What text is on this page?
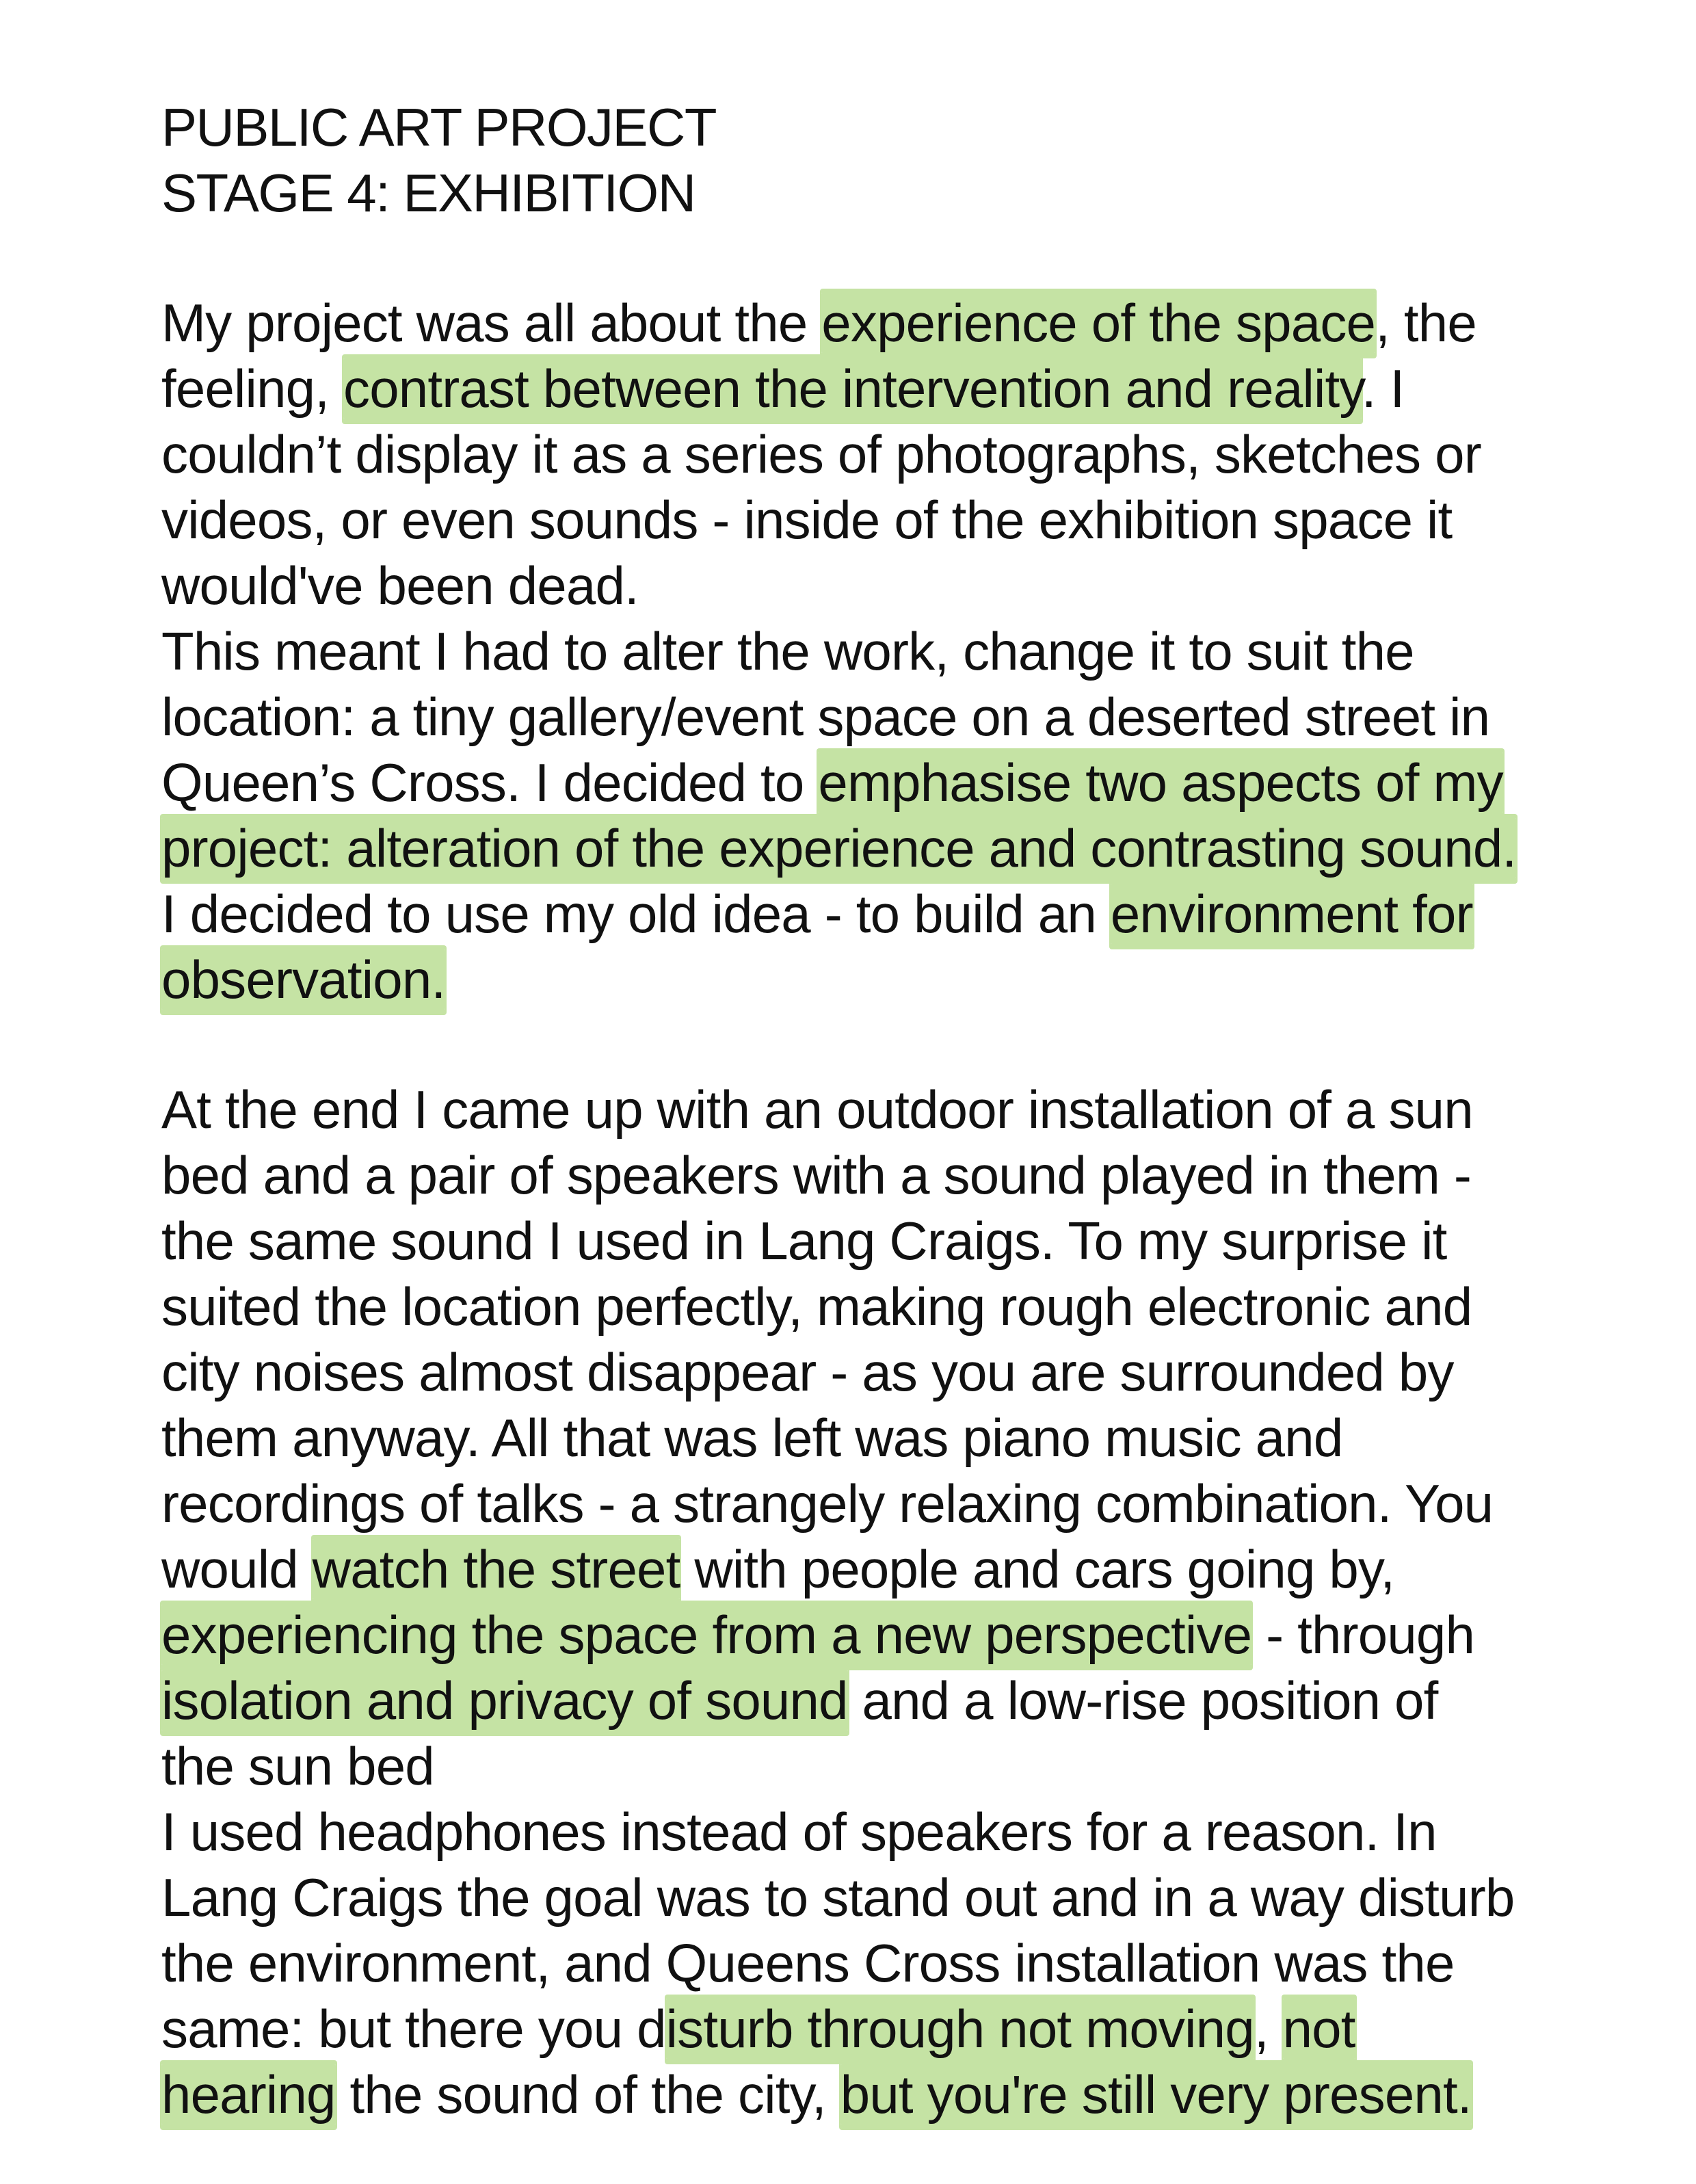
PUBLIC ART PROJECT
STAGE 4: EXHIBITION
My project was all about the experience of the space, the
feeling, contrast between the intervention and reality. I
couldn’t display it as a series of photographs, sketches or
videos, or even sounds - inside of the exhibition space it
would've been dead.
This meant I had to alter the work, change it to suit the
location: a tiny gallery/event space on a deserted street in
Queen’s Cross. I decided to emphasise two aspects of my
project: alteration of the experience and contrasting sound.
I decided to use my old idea - to build an environment for
observation.
At the end I came up with an outdoor installation of a sun
bed and a pair of speakers with a sound played in them -
the same sound I used in Lang Craigs. To my surprise it
suited the location perfectly, making rough electronic and
city noises almost disappear - as you are surrounded by
them anyway. All that was left was piano music and
recordings of talks - a strangely relaxing combination. You
would watch the street with people and cars going by,
experiencing the space from a new perspective - through
isolation and privacy of sound and a low-rise position of
the sun bed
I used headphones instead of speakers for a reason. In
Lang Craigs the goal was to stand out and in a way disturb
the environment, and Queens Cross installation was the
same: but there you disturb through not moving, not
hearing the sound of the city, but you're still very present.
